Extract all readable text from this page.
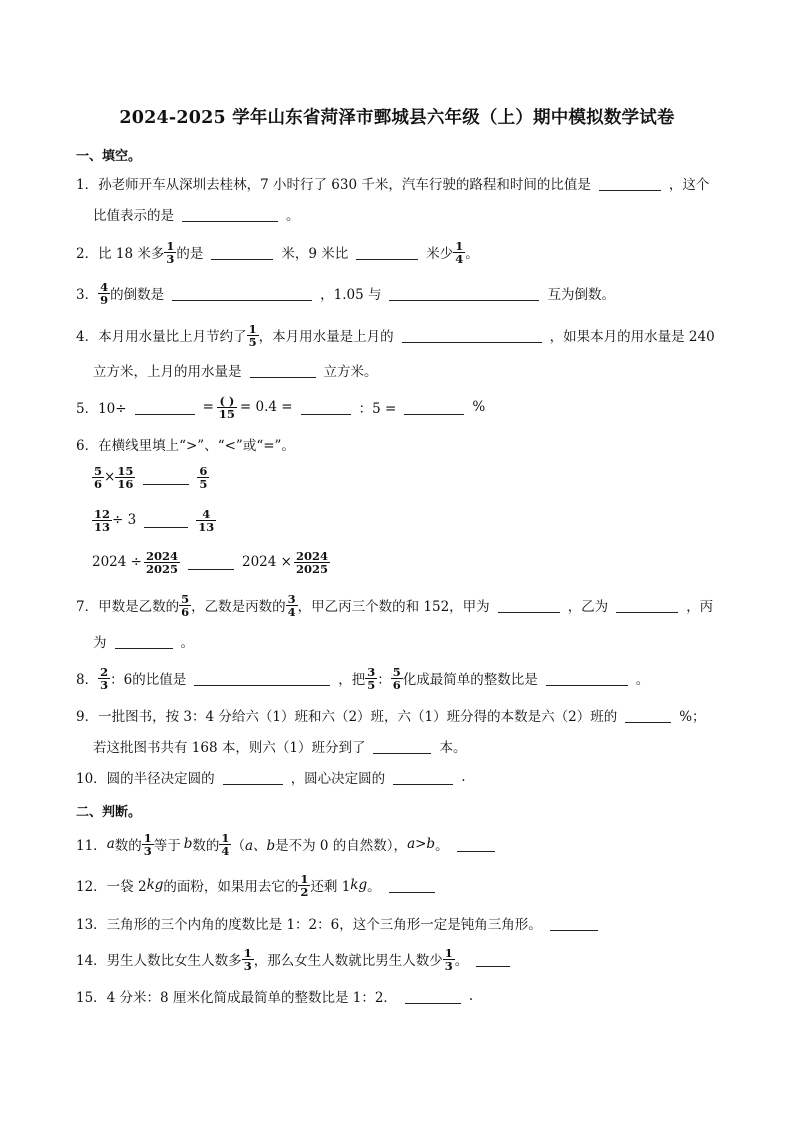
2024-2025 学年山东省菏泽市鄄城县六年级（上）期中模拟数学试卷
一、填空。
1．孙老师开车从深圳去桂林，7 小时行了 630 千米，汽车行驶的路程和时间的比值是	，这个
比值表示的是	。
2．比 18 米多 $\frac{1}{3}$ 的是	米，9 米比	米少 $\frac{1}{4}$ 。
3． $\frac{4}{9}$ 的倒数是	，1.05 与	互为倒数。
4．本月用水量比上月节约了 $\frac{1}{5}$ ，本月用水量是上月的	，如果本月的用水量是 240
立方米，上月的用水量是	立方米。
5．10÷	= $\frac{( )}{15} = 0.4$ =	：5 =	%
6．在横线里填上“>”、“<”或“=”。
$\frac{5}{6} \times \frac{15}{16}$	$\frac{6}{5}$
$\frac{12}{13} \div 3$	$\frac{4}{13}$
$2024 \div \frac{2024}{2025}$	$2024 \times \frac{2024}{2025}$
7．甲数是乙数的 $\frac{5}{6}$ ，乙数是丙数的 $\frac{3}{4}$ ，甲乙丙三个数的和 152，甲为	，乙为	，丙
为	。
8． $\frac{2}{3}$ ：6的比值是	，把 $\frac{3}{5}$ ： $\frac{5}{6}$ 化成最简单的整数比是	。
9．一批图书，按 3：4 分给六（1）班和六（2）班，六（1）班分得的本数是六（2）班的	%；
若这批图书共有 168 本，则六（1）班分到了	本。
10．圆的半径决定圆的	，圆心决定圆的	.
二、判断。
11． a 数的 $\frac{1}{3}$ 等于 b 数的 $\frac{1}{4}$ （ a、b 是不为 0 的自然数）， a>b 。
12．一袋 2 kg 的面粉，如果用去它的 $\frac{1}{2}$ 还剩 1 kg 。
13．三角形的三个内角的度数比是 1：2：6，这个三角形一定是钝角三角形。
14．男生人数比女生人数多 $\frac{1}{3}$ ，那么女生人数就比男生人数少 $\frac{1}{3}$ 。
15．4 分米：8 厘米化简成最简单的整数比是 1：2．	.
